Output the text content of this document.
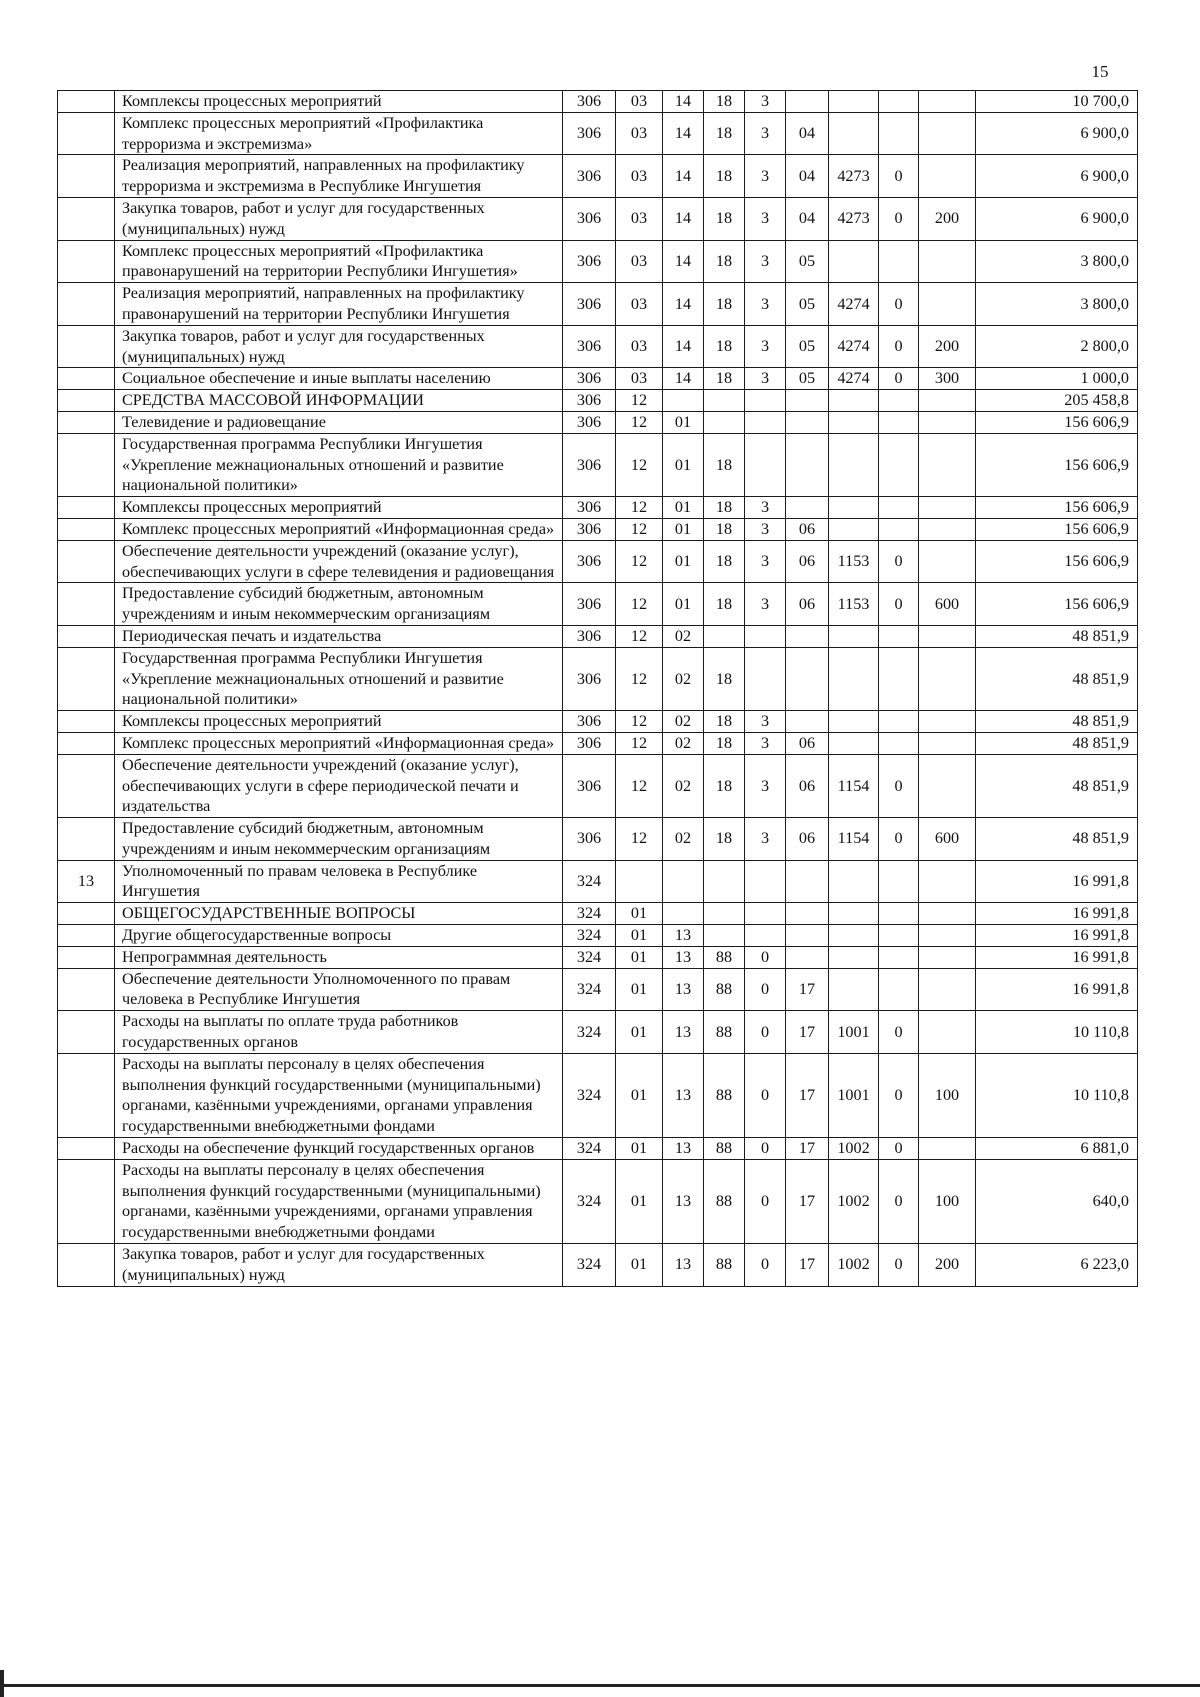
15
	Комплексы процессных мероприятий	306	03	14	18	3					10 700,0
	Комплекс процессных мероприятий «Профилактика терроризма и экстремизма»	306	03	14	18	3	04				6 900,0
	Реализация мероприятий, направленных на профилактику терроризма и экстремизма в Республике Ингушетия	306	03	14	18	3	04	4273	0		6 900,0
	Закупка товаров, работ и услуг для государственных (муниципальных) нужд	306	03	14	18	3	04	4273	0	200	6 900,0
	Комплекс процессных мероприятий «Профилактика правонарушений на территории Республики Ингушетия»	306	03	14	18	3	05				3 800,0
	Реализация мероприятий, направленных на профилактику правонарушений на территории Республики Ингушетия	306	03	14	18	3	05	4274	0		3 800,0
	Закупка товаров, работ и услуг для государственных (муниципальных) нужд	306	03	14	18	3	05	4274	0	200	2 800,0
	Социальное обеспечение и иные выплаты населению	306	03	14	18	3	05	4274	0	300	1 000,0
	СРЕДСТВА МАССОВОЙ ИНФОРМАЦИИ	306	12								205 458,8
	Телевидение и радиовещание	306	12	01							156 606,9
	Государственная программа Республики Ингушетия «Укрепление межнациональных отношений и развитие национальной политики»	306	12	01	18						156 606,9
	Комплексы процессных мероприятий	306	12	01	18	3					156 606,9
	Комплекс процессных мероприятий «Информационная среда»	306	12	01	18	3	06				156 606,9
	Обеспечение деятельности учреждений (оказание услуг), обеспечивающих услуги в сфере телевидения и радиовещания	306	12	01	18	3	06	1153	0		156 606,9
	Предоставление субсидий бюджетным, автономным учреждениям и иным некоммерческим организациям	306	12	01	18	3	06	1153	0	600	156 606,9
	Периодическая печать и издательства	306	12	02							48 851,9
	Государственная программа Республики Ингушетия «Укрепление межнациональных отношений и развитие национальной политики»	306	12	02	18						48 851,9
	Комплексы процессных мероприятий	306	12	02	18	3					48 851,9
	Комплекс процессных мероприятий «Информационная среда»	306	12	02	18	3	06				48 851,9
	Обеспечение деятельности учреждений (оказание услуг), обеспечивающих услуги в сфере периодической печати и издательства	306	12	02	18	3	06	1154	0		48 851,9
	Предоставление субсидий бюджетным, автономным учреждениям и иным некоммерческим организациям	306	12	02	18	3	06	1154	0	600	48 851,9
13	Уполномоченный по правам человека в Республике Ингушетия	324									16 991,8
	ОБЩЕГОСУДАРСТВЕННЫЕ ВОПРОСЫ	324	01								16 991,8
	Другие общегосударственные вопросы	324	01	13							16 991,8
	Непрограммная деятельность	324	01	13	88	0					16 991,8
	Обеспечение деятельности Уполномоченного по правам человека в Республике Ингушетия	324	01	13	88	0	17				16 991,8
	Расходы на выплаты по оплате труда работников государственных органов	324	01	13	88	0	17	1001	0		10 110,8
	Расходы на выплаты персоналу в целях обеспечения выполнения функций государственными (муниципальными) органами, казёнными учреждениями, органами управления государственными внебюджетными фондами	324	01	13	88	0	17	1001	0	100	10 110,8
	Расходы на обеспечение функций государственных органов	324	01	13	88	0	17	1002	0		6 881,0
	Расходы на выплаты персоналу в целях обеспечения выполнения функций государственными (муниципальными) органами, казёнными учреждениями, органами управления государственными внебюджетными фондами	324	01	13	88	0	17	1002	0	100	640,0
	Закупка товаров, работ и услуг для государственных (муниципальных) нужд	324	01	13	88	0	17	1002	0	200	6 223,0
